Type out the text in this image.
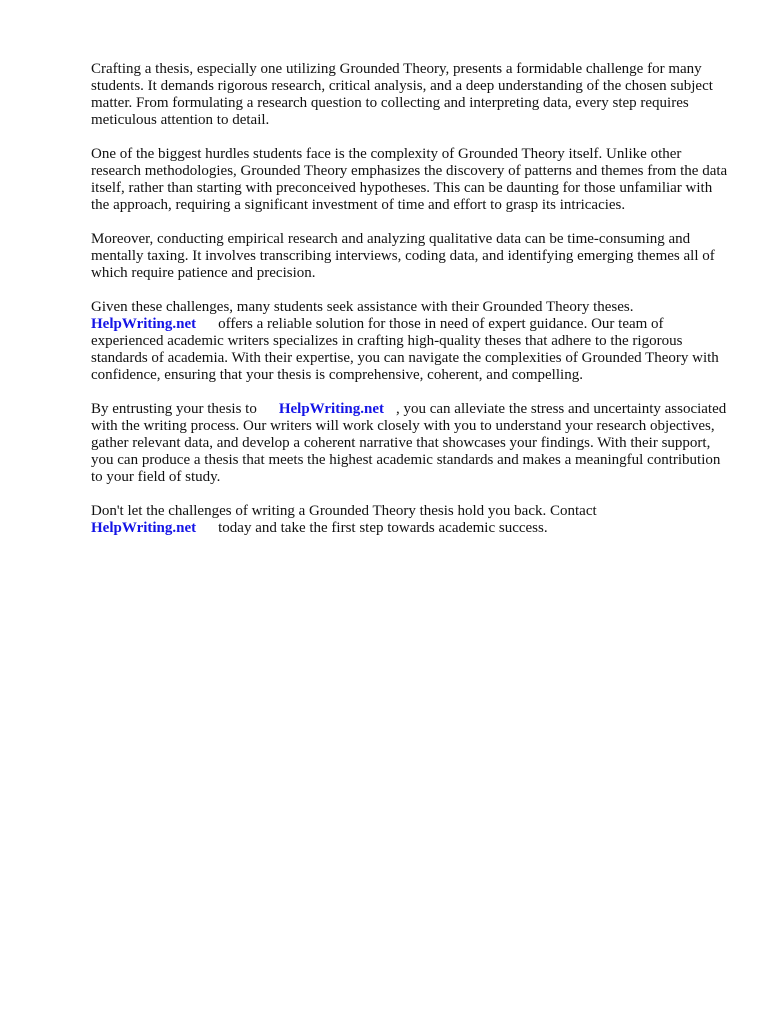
Crafting a thesis, especially one utilizing Grounded Theory, presents a formidable challenge for many students. It demands rigorous research, critical analysis, and a deep understanding of the chosen subject matter. From formulating a research question to collecting and interpreting data, every step requires meticulous attention to detail.

One of the biggest hurdles students face is the complexity of Grounded Theory itself. Unlike other research methodologies, Grounded Theory emphasizes the discovery of patterns and themes from the data itself, rather than starting with preconceived hypotheses. This can be daunting for those unfamiliar with the approach, requiring a significant investment of time and effort to grasp its intricacies.

Moreover, conducting empirical research and analyzing qualitative data can be time-consuming and mentally taxing. It involves transcribing interviews, coding data, and identifying emerging themes all of which require patience and precision.

Given these challenges, many students seek assistance with their Grounded Theory theses.
HelpWriting.net offers a reliable solution for those in need of expert guidance. Our team of experienced academic writers specializes in crafting high-quality theses that adhere to the rigorous standards of academia. With their expertise, you can navigate the complexities of Grounded Theory with confidence, ensuring that your thesis is comprehensive, coherent, and compelling.

By entrusting your thesis to HelpWriting.net , you can alleviate the stress and uncertainty associated with the writing process. Our writers will work closely with you to understand your research objectives, gather relevant data, and develop a coherent narrative that showcases your findings. With their support, you can produce a thesis that meets the highest academic standards and makes a meaningful contribution to your field of study.

Don't let the challenges of writing a Grounded Theory thesis hold you back. Contact
HelpWriting.net today and take the first step towards academic success.
